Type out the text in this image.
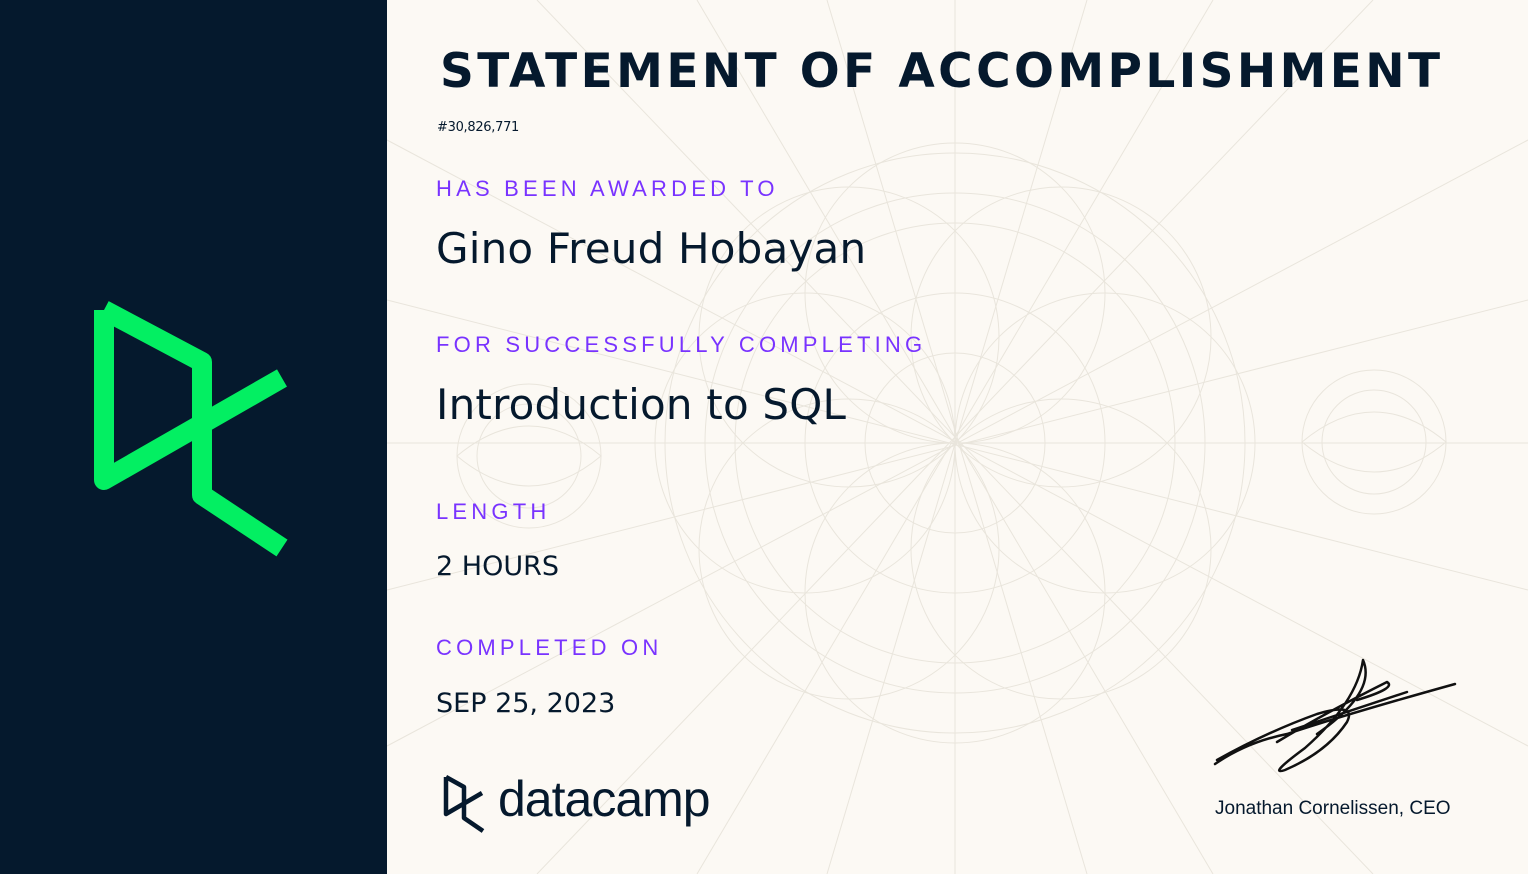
STATEMENT OF ACCOMPLISHMENT
#30,826,771
HAS BEEN AWARDED TO
Gino Freud Hobayan
FOR SUCCESSFULLY COMPLETING
Introduction to SQL
LENGTH
2 HOURS
COMPLETED ON
SEP 25, 2023
datacamp	Jonathan Cornelissen, CEO
